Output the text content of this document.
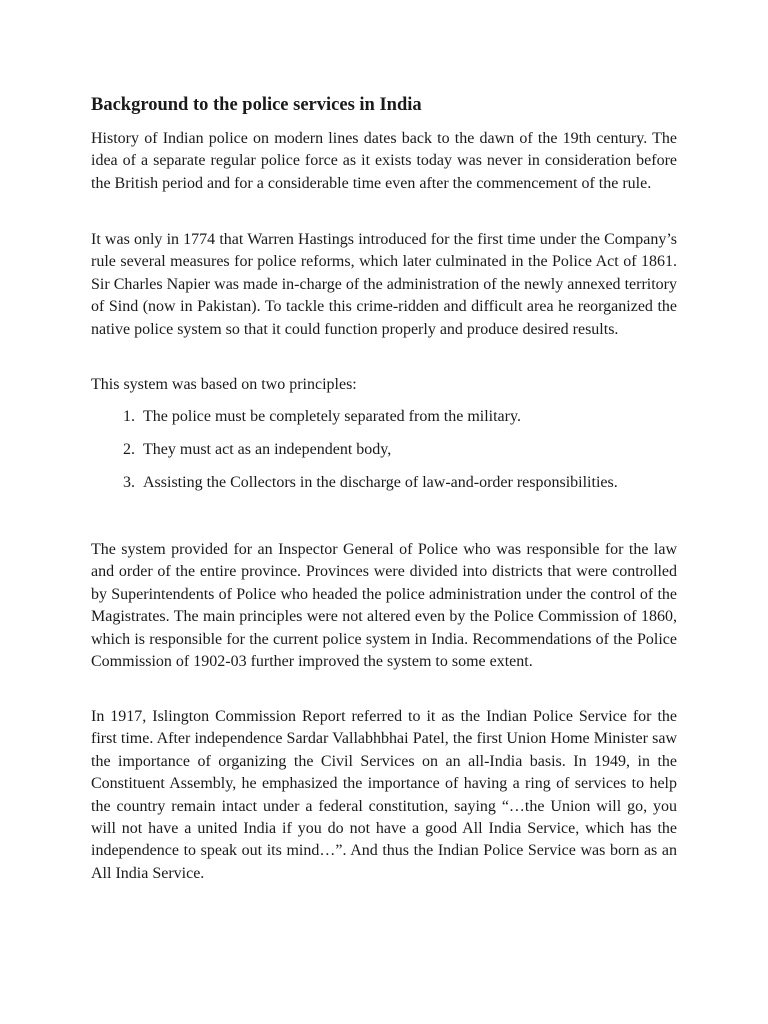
Background to the police services in India

History of Indian police on modern lines dates back to the dawn of the 19th century. The idea of a separate regular police force as it exists today was never in consideration before the British period and for a considerable time even after the commencement of the rule.

It was only in 1774 that Warren Hastings introduced for the first time under the Company’s rule several measures for police reforms, which later culminated in the Police Act of 1861. Sir Charles Napier was made in-charge of the administration of the newly annexed territory of Sind (now in Pakistan). To tackle this crime-ridden and difficult area he reorganized the native police system so that it could function properly and produce desired results.

This system was based on two principles:

1. The police must be completely separated from the military.
2. They must act as an independent body,
3. Assisting the Collectors in the discharge of law-and-order responsibilities.

The system provided for an Inspector General of Police who was responsible for the law and order of the entire province. Provinces were divided into districts that were controlled by Superintendents of Police who headed the police administration under the control of the Magistrates. The main principles were not altered even by the Police Commission of 1860, which is responsible for the current police system in India. Recommendations of the Police Commission of 1902-03 further improved the system to some extent.

In 1917, Islington Commission Report referred to it as the Indian Police Service for the first time. After independence Sardar Vallabhbhai Patel, the first Union Home Minister saw the importance of organizing the Civil Services on an all-India basis. In 1949, in the Constituent Assembly, he emphasized the importance of having a ring of services to help the country remain intact under a federal constitution, saying “…the Union will go, you will not have a united India if you do not have a good All India Service, which has the independence to speak out its mind…”. And thus the Indian Police Service was born as an All India Service.
